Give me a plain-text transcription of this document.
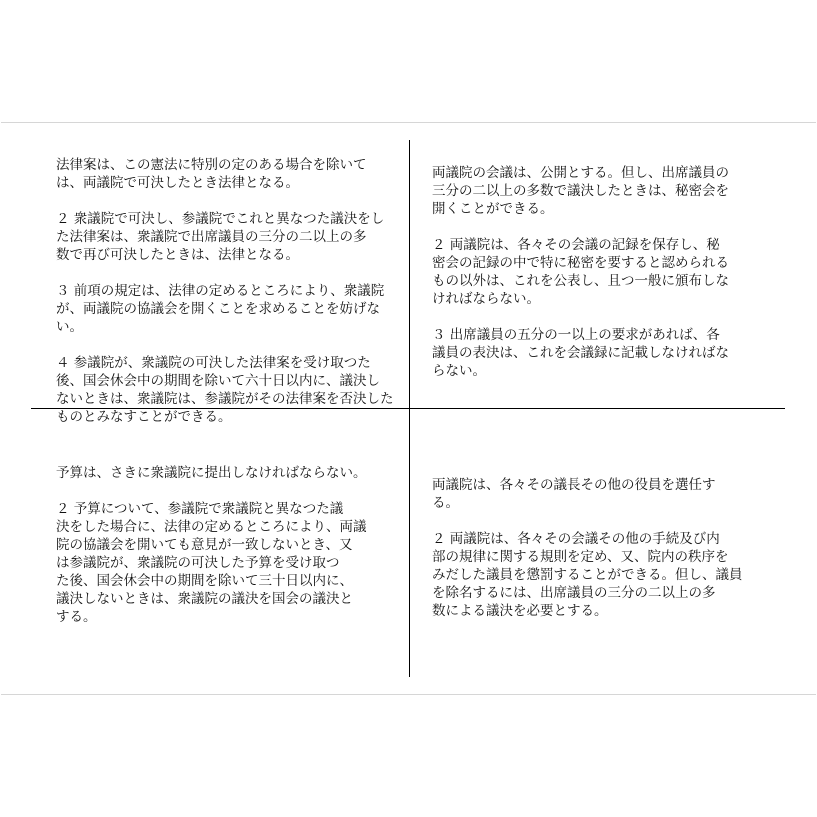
法律案は、この憲法に特別の定のある場合を除いて
は、両議院で可決したとき法律となる。

２ 衆議院で可決し、参議院でこれと異なつた議決をし
た法律案は、衆議院で出席議員の三分の二以上の多
数で再び可決したときは、法律となる。

３ 前項の規定は、法律の定めるところにより、衆議院
が、両議院の協議会を開くことを求めることを妨げない。

４ 参議院が、衆議院の可決した法律案を受け取つた
後、国会休会中の期間を除いて六十日以内に、議決し
ないときは、衆議院は、参議院がその法律案を否決した
ものとみなすことができる。

両議院の会議は、公開とする。但し、出席議員の
三分の二以上の多数で議決したときは、秘密会を
開くことができる。

２ 両議院は、各々その会議の記録を保存し、秘
密会の記録の中で特に秘密を要すると認められる
もの以外は、これを公表し、且つ一般に頒布しな
ければならない。

３ 出席議員の五分の一以上の要求があれば、各
議員の表決は、これを会議録に記載しなければな
らない。

予算は、さきに衆議院に提出しなければならない。

２ 予算について、参議院で衆議院と異なつた議
決をした場合に、法律の定めるところにより、両議
院の協議会を開いても意見が一致しないとき、又
は参議院が、衆議院の可決した予算を受け取つ
た後、国会休会中の期間を除いて三十日以内に、
議決しないときは、衆議院の議決を国会の議決と
する。

両議院は、各々その議長その他の役員を選任す
る。

２ 両議院は、各々その会議その他の手続及び内
部の規律に関する規則を定め、又、院内の秩序を
みだした議員を懲罰することができる。但し、議員
を除名するには、出席議員の三分の二以上の多
数による議決を必要とする。
